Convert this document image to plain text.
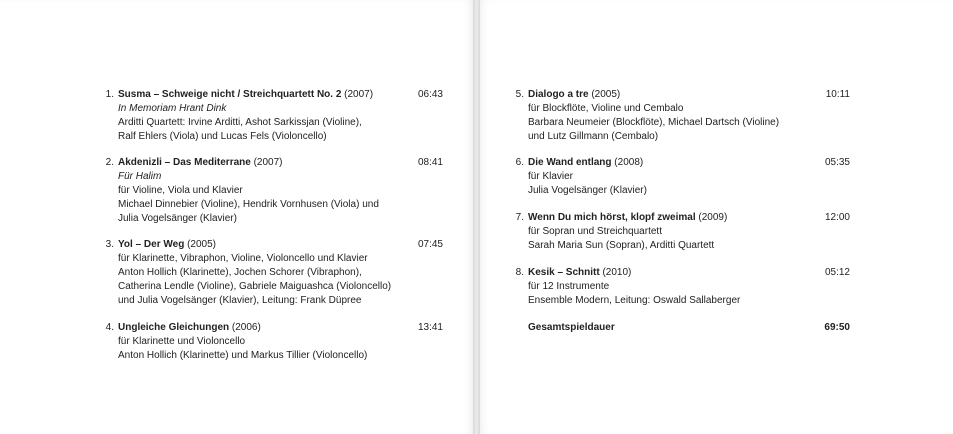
1. Susma – Schweige nicht / Streichquartett No. 2 (2007)
In Memoriam Hrant Dink
Arditti Quartett: Irvine Arditti, Ashot Sarkissjan (Violine),
Ralf Ehlers (Viola) und Lucas Fels (Violoncello)
06:43
2. Akdenizli – Das Mediterrane (2007)
Für Halim
für Violine, Viola und Klavier
Michael Dinnebier (Violine), Hendrik Vornhusen (Viola) und
Julia Vogelsänger (Klavier)
08:41
3. Yol – Der Weg (2005)
für Klarinette, Vibraphon, Violine, Violoncello und Klavier
Anton Hollich (Klarinette), Jochen Schorer (Vibraphon),
Catherina Lendle (Violine), Gabriele Maiguashca (Violoncello)
und Julia Vogelsänger (Klavier), Leitung: Frank Düpree
07:45
4. Ungleiche Gleichungen (2006)
für Klarinette und Violoncello
Anton Hollich (Klarinette) und Markus Tillier (Violoncello)
13:41
5. Dialogo a tre (2005)
für Blockflöte, Violine und Cembalo
Barbara Neumeier (Blockflöte), Michael Dartsch (Violine)
und Lutz Gillmann (Cembalo)
10:11
6. Die Wand entlang (2008)
für Klavier
Julia Vogelsänger (Klavier)
05:35
7. Wenn Du mich hörst, klopf zweimal (2009)
für Sopran und Streichquartett
Sarah Maria Sun (Sopran), Arditti Quartett
12:00
8. Kesik – Schnitt (2010)
für 12 Instrumente
Ensemble Modern, Leitung: Oswald Sallaberger
05:12
Gesamtspieldauer	69:50
